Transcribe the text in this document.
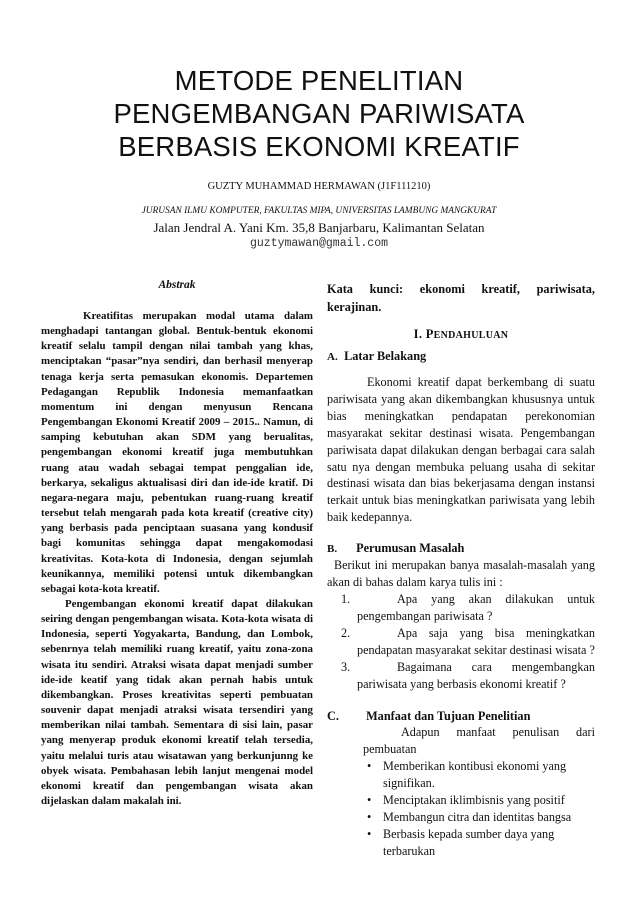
METODE PENELITIAN
PENGEMBANGAN PARIWISATA
BERBASIS EKONOMI KREATIF
GUZTY MUHAMMAD HERMAWAN (J1F111210)
JURUSAN ILMU KOMPUTER, FAKULTAS MIPA, UNIVERSITAS LAMBUNG MANGKURAT
Jalan Jendral A. Yani Km. 35,8 Banjarbaru, Kalimantan Selatan
guztymawan@gmail.com
Abstrak

Kreatifitas merupakan modal utama dalam menghadapi tantangan global. Bentuk-bentuk ekonomi kreatif selalu tampil dengan nilai tambah yang khas, menciptakan “pasar”nya sendiri, dan berhasil menyerap tenaga kerja serta pemasukan ekonomis. Departemen Pedagangan Republik Indonesia memanfaatkan momentum ini dengan menyusun Rencana Pengembangan Ekonomi Kreatif 2009 – 2015.. Namun, di samping kebutuhan akan SDM yang berualitas, pengembangan ekonomi kreatif juga membutuhkan ruang atau wadah sebagai tempat penggalian ide, berkarya, sekaligus aktualisasi diri dan ide-ide kratif. Di negara-negara maju, pebentukan ruang-ruang kreatif tersebut telah mengarah pada kota kreatif (creative city) yang berbasis pada penciptaan suasana yang kondusif bagi komunitas sehingga dapat mengakomodasi kreativitas. Kota-kota di Indonesia, dengan sejumlah keunikannya, memiliki potensi untuk dikembangkan sebagai kota-kota kreatif.

Pengembangan ekonomi kreatif dapat dilakukan seiring dengan pengembangan wisata. Kota-kota wisata di Indonesia, seperti Yogyakarta, Bandung, dan Lombok, sebenrnya telah memiliki ruang kreatif, yaitu zona-zona wisata itu sendiri. Atraksi wisata dapat menjadi sumber ide-ide keatif yang tidak akan pernah habis untuk dikembangkan. Proses kreativitas seperti pembuatan souvenir dapat menjadi atraksi wisata tersendiri yang memberikan nilai tambah. Sementara di sisi lain, pasar yang menyerap produk ekonomi kreatif telah tersedia, yaitu melalui turis atau wisatawan yang berkunjunng ke obyek wisata. Pembahasan lebih lanjut mengenai model ekonomi kreatif dan pengembangan wisata akan dijelaskan dalam makalah ini.

Kata kunci: ekonomi kreatif, pariwisata, kerajinan.

I. PENDAHULUAN
A. Latar Belakang

Ekonomi kreatif dapat berkembang di suatu pariwisata yang akan dikembangkan khususnya untuk bias meningkatkan pendapatan perekonomian masyarakat sekitar destinasi wisata. Pengembangan pariwisata dapat dilakukan dengan berbagai cara salah satu nya dengan membuka peluang usaha di sekitar destinasi wisata dan bias bekerjasama dengan instansi terkait untuk bias meningkatkan pariwisata yang lebih baik kedepannya.

B. Perumusan Masalah

Berikut ini merupakan banya masalah-masalah yang akan di bahas dalam karya tulis ini :

1.	Apa yang akan dilakukan untuk pengembangan pariwisata ?
2.	Apa saja yang bisa meningkatkan pendapatan masyarakat sekitar destinasi wisata ?
3.	Bagaimana cara mengembangkan pariwisata yang berbasis ekonomi kreatif ?
C. Manfaat dan Tujuan Penelitian

Adapun manfaat penulisan dari pembuatan

• Memberikan kontibusi ekonomi yang signifikan.
• Menciptakan iklimbisnis yang positif
• Membangun citra dan identitas bangsa
• Berbasis kepada sumber daya yang terbarukan
